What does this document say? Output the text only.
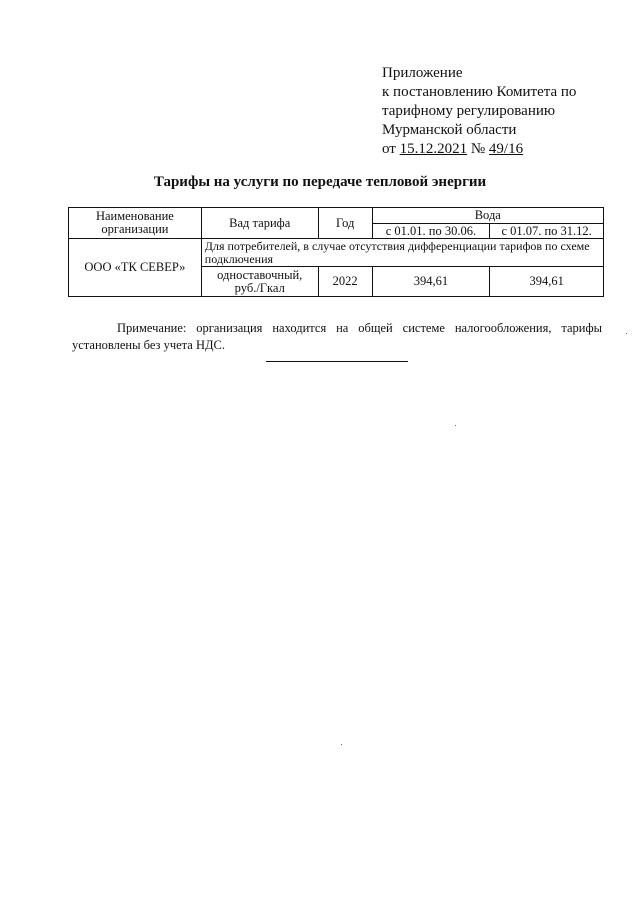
Приложение
к постановлению Комитета по
тарифному регулированию
Мурманской области
от 15.12.2021 № 49/16
Тарифы на услуги по передаче тепловой энергии
Наименование организации	Вад тарифа	Год	Вода	
			с 01.01. по 30.06.	с 01.07. по 31.12.
ООО «ТК СЕВЕР»	Для потребителей, в случае отсутствия дифференциации тарифов по схеме подключения			
	одноставочный, руб./Гкал	2022	394,61	394,61
Примечание: организация находится на общей системе налогообложения, тарифы установлены без учета НДС.
